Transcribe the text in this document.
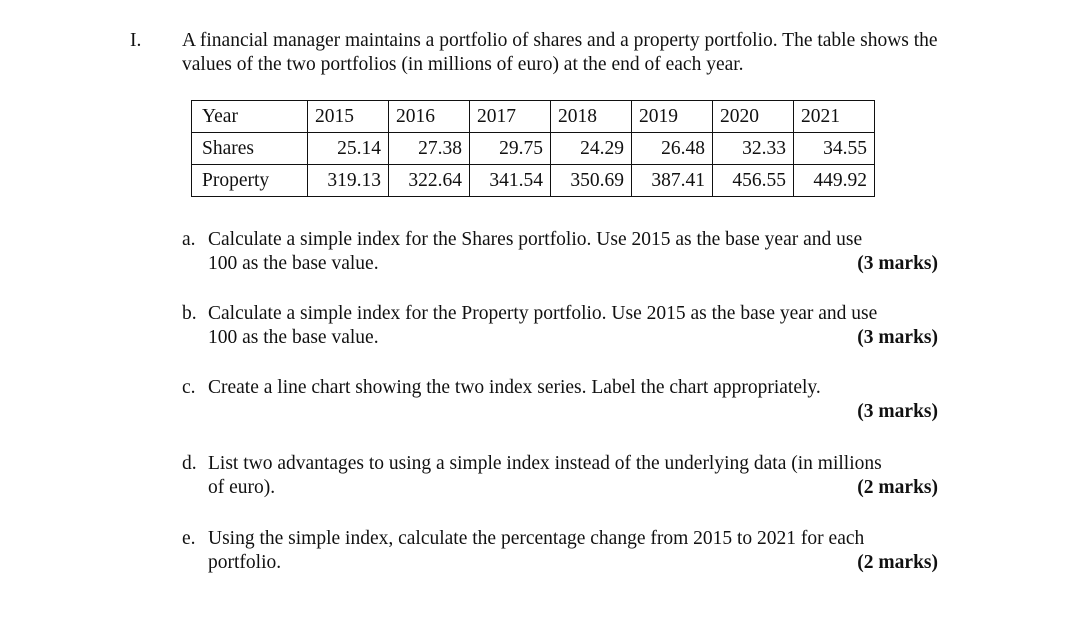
I. A financial manager maintains a portfolio of shares and a property portfolio. The table shows the values of the two portfolios (in millions of euro) at the end of each year.
Year	2015	2016	2017	2018	2019	2020	2021
Shares	25.14	27.38	29.75	24.29	26.48	32.33	34.55
Property	319.13	322.64	341.54	350.69	387.41	456.55	449.92
a. Calculate a simple index for the Shares portfolio. Use 2015 as the base year and use
100 as the base value.	(3 marks)
b. Calculate a simple index for the Property portfolio. Use 2015 as the base year and use
100 as the base value.	(3 marks)
c. Create a line chart showing the two index series. Label the chart appropriately.
(3 marks)
d. List two advantages to using a simple index instead of the underlying data (in millions
of euro).	(2 marks)
e. Using the simple index, calculate the percentage change from 2015 to 2021 for each
portfolio.	(2 marks)
